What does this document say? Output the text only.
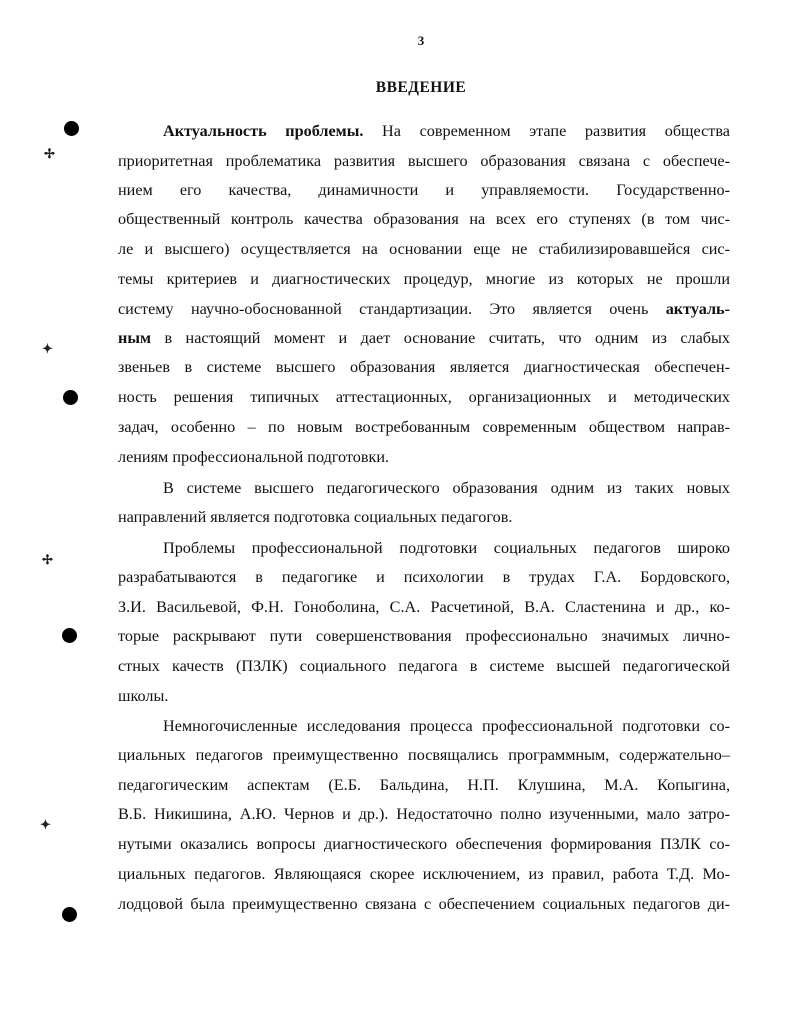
✢
✦
✢
✦
3
ВВЕДЕНИЕ
Актуальность проблемы. На современном этапе развития общества
приоритетная проблематика развития высшего образования связана с обеспече-
нием его качества, динамичности и управляемости. Государственно-
общественный контроль качества образования на всех его ступенях (в том чис-
ле и высшего) осуществляется на основании еще не стабилизировавшейся сис-
темы критериев и диагностических процедур, многие из которых не прошли
систему научно-обоснованной стандартизации. Это является очень актуаль-
ным в настоящий момент и дает основание считать, что одним из слабых
звеньев в системе высшего образования является диагностическая обеспечен-
ность решения типичных аттестационных, организационных и методических
задач, особенно – по новым востребованным современным обществом направ-
лениям профессиональной подготовки.
В системе высшего педагогического образования одним из таких новых
направлений является подготовка социальных педагогов.
Проблемы профессиональной подготовки социальных педагогов широко
разрабатываются в педагогике и психологии в трудах Г.А. Бордовского,
З.И. Васильевой, Ф.Н. Гоноболина, С.А. Расчетиной, В.А. Сластенина и др., ко-
торые раскрывают пути совершенствования профессионально значимых лично-
стных качеств (ПЗЛК) социального педагога в системе высшей педагогической
школы.
Немногочисленные исследования процесса профессиональной подготовки со-
циальных педагогов преимущественно посвящались программным, содержательно–
педагогическим аспектам (Е.Б. Бальдина, Н.П. Клушина, М.А. Копыгина,
В.Б. Никишина, А.Ю. Чернов и др.). Недостаточно полно изученными, мало затро-
нутыми оказались вопросы диагностического обеспечения формирования ПЗЛК со-
циальных педагогов. Являющаяся скорее исключением, из правил, работа Т.Д. Мо-
лодцовой была преимущественно связана с обеспечением социальных педагогов ди-
